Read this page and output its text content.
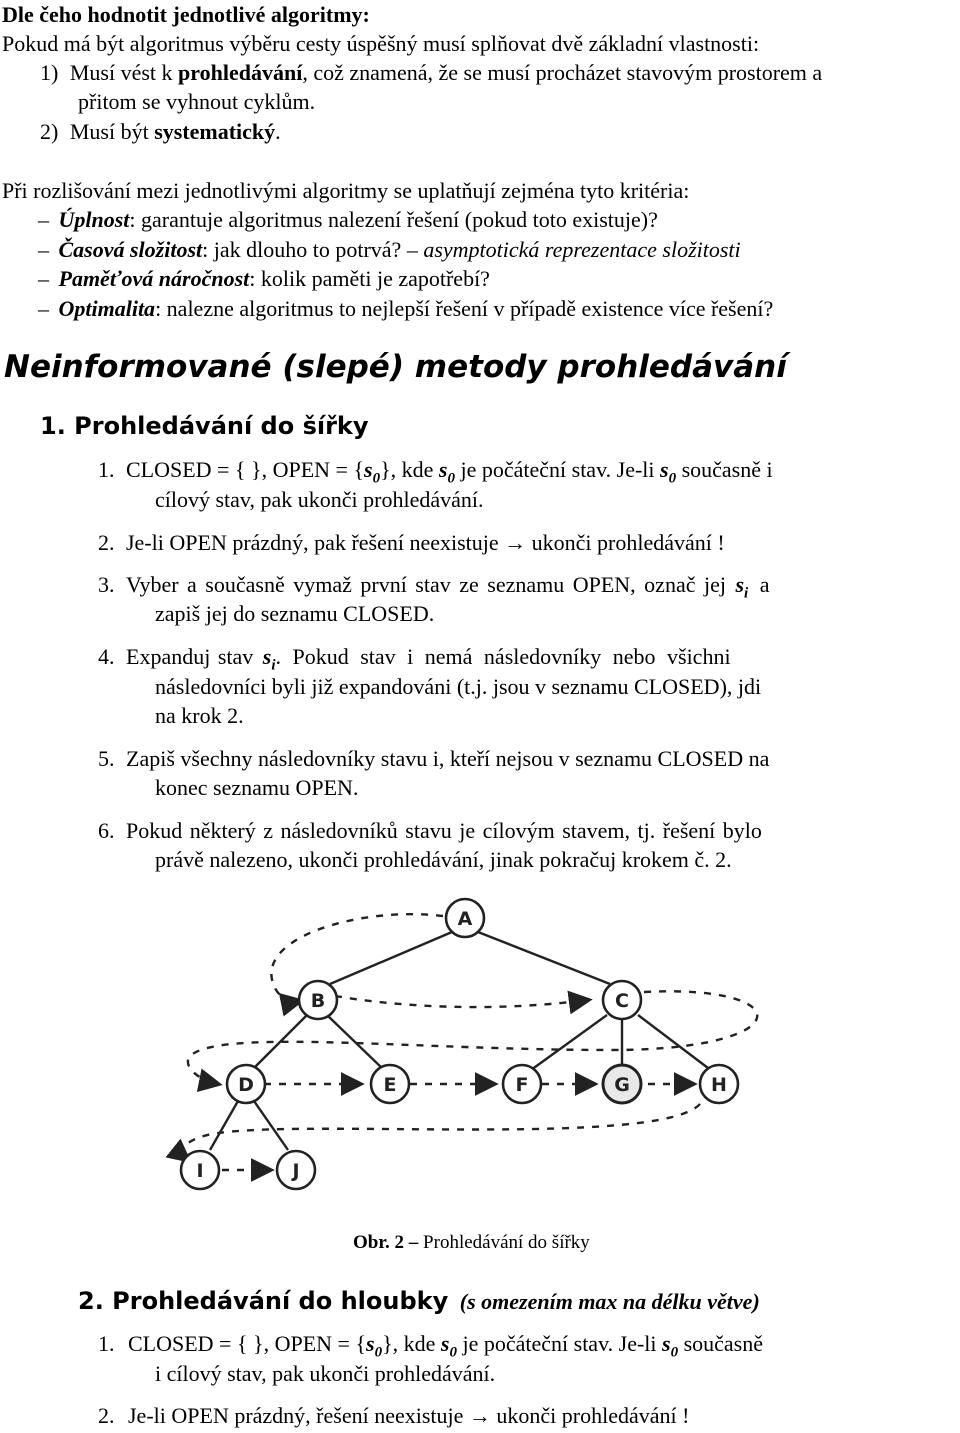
Dle čeho hodnotit jednotlivé algoritmy:
Pokud má být algoritmus výběru cesty úspěšný musí splňovat dvě základní vlastnosti:
1) Musí vést k prohledávání, což znamená, že se musí procházet stavovým prostorem a
přitom se vyhnout cyklům.
2) Musí být systematický.
Při rozlišování mezi jednotlivými algoritmy se uplatňují zejména tyto kritéria:
– Úplnost: garantuje algoritmus nalezení řešení (pokud toto existuje)?
– Časová složitost: jak dlouho to potrvá? – asymptotická reprezentace složitosti
– Paměťová náročnost: kolik paměti je zapotřebí?
– Optimalita: nalezne algoritmus to nejlepší řešení v případě existence více řešení?
Neinformované (slepé) metody prohledávání
1. Prohledávání do šířky
1. CLOSED = { }, OPEN = $\{s_0\}$, kde $s_0$ je počáteční stav. Je-li $s_0$ současně i
cílový stav, pak ukonči prohledávání.
2. Je-li OPEN prázdný, pak řešení neexistuje → ukonči prohledávání !
3. Vyber a současně vymaž první stav ze seznamu OPEN, označ jej $s_i$ a
zapiš jej do seznamu CLOSED.
4. Expanduj stav $s_i$. Pokud stav i nemá následovníky nebo všichni
následovníci byli již expandováni (t.j. jsou v seznamu CLOSED), jdi
na krok 2.
5. Zapiš všechny následovníky stavu i, kteří nejsou v seznamu CLOSED na
konec seznamu OPEN.
6. Pokud některý z následovníků stavu je cílovým stavem, tj. řešení bylo
právě nalezeno, ukonči prohledávání, jinak pokračuj krokem č. 2.
A
B	C
D	E	F	G	H
I	J
Obr. 2 – Prohledávání do šířky
2. Prohledávání do hloubky (s omezením max na délku větve)
1. CLOSED = { }, OPEN = $\{s_0\}$, kde $s_0$ je počáteční stav. Je-li $s_0$ současně
i cílový stav, pak ukonči prohledávání.
2. Je-li OPEN prázdný, řešení neexistuje → ukonči prohledávání !
